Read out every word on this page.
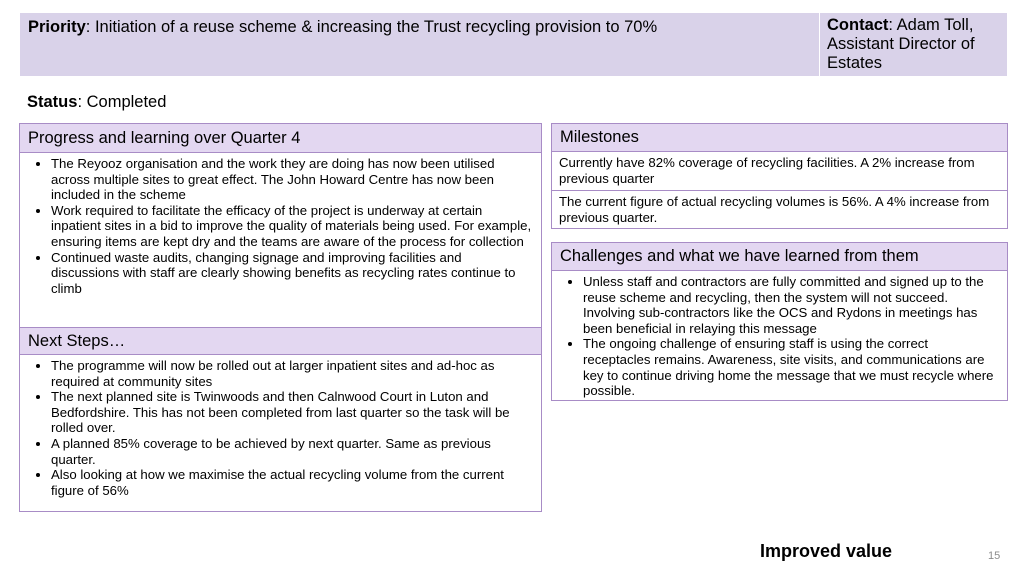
Priority: Initiation of a reuse scheme & increasing the Trust recycling provision to 70%	Contact: Adam Toll, Assistant Director of Estates
Status: Completed
Progress and learning over Quarter 4
• The Reyooz organisation and the work they are doing has now been utilised across multiple sites to great effect. The John Howard Centre has now been included in the scheme
• Work required to facilitate the efficacy of the project is underway at certain inpatient sites in a bid to improve the quality of materials being used. For example, ensuring items are kept dry and the teams are aware of the process for collection
• Continued waste audits, changing signage and improving facilities and discussions with staff are clearly showing benefits as recycling rates continue to climb
Next Steps…
• The programme will now be rolled out at larger inpatient sites and ad-hoc as required at community sites
• The next planned site is Twinwoods and then Calnwood Court in Luton and Bedfordshire. This has not been completed from last quarter so the task will be rolled over.
• A planned 85% coverage to be achieved by next quarter. Same as previous quarter.
• Also looking at how we maximise the actual recycling volume from the current figure of 56%
Milestones
Currently have 82% coverage of recycling facilities. A 2% increase from previous quarter
The current figure of actual recycling volumes is 56%. A 4% increase from previous quarter.
Challenges and what we have learned from them
• Unless staff and contractors are fully committed and signed up to the reuse scheme and recycling, then the system will not succeed. Involving sub-contractors like the OCS and Rydons in meetings has been beneficial in relaying this message
• The ongoing challenge of ensuring staff is using the correct receptacles remains. Awareness, site visits, and communications are key to continue driving home the message that we must recycle where possible.
Improved value	15
